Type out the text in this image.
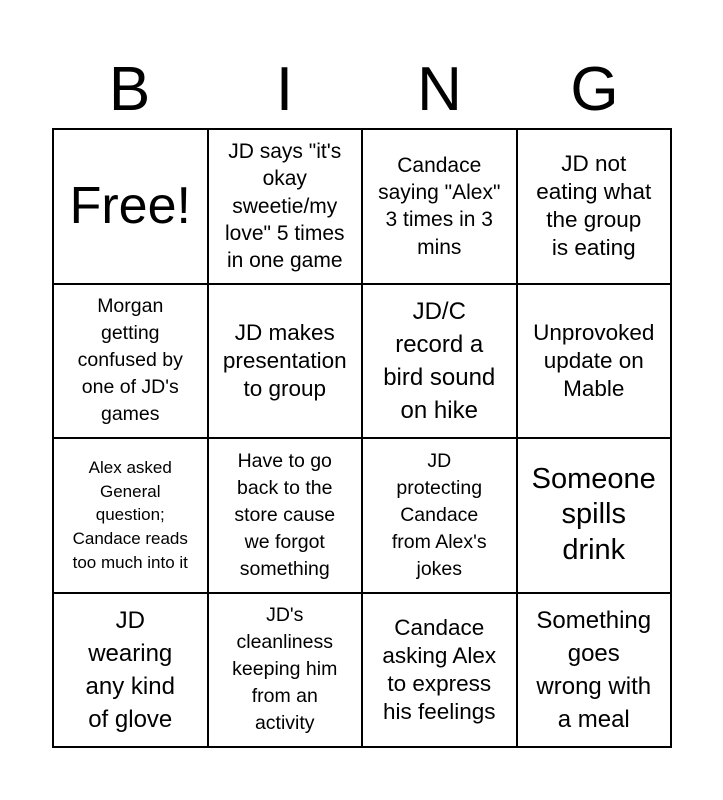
B	I	N	G
Free!
JD says "it's
okay
sweetie/my
love" 5 times
in one game
Candace
saying "Alex"
3 times in 3
mins
JD not
eating what
the group
is eating
Morgan
getting
confused by
one of JD's
games
JD makes
presentation
to group
JD/C
record a
bird sound
on hike
Unprovoked
update on
Mable
Alex asked
General
question;
Candace reads
too much into it
Have to go
back to the
store cause
we forgot
something
JD
protecting
Candace
from Alex's
jokes
Someone
spills
drink
JD
wearing
any kind
of glove
JD's
cleanliness
keeping him
from an
activity
Candace
asking Alex
to express
his feelings
Something
goes
wrong with
a meal
